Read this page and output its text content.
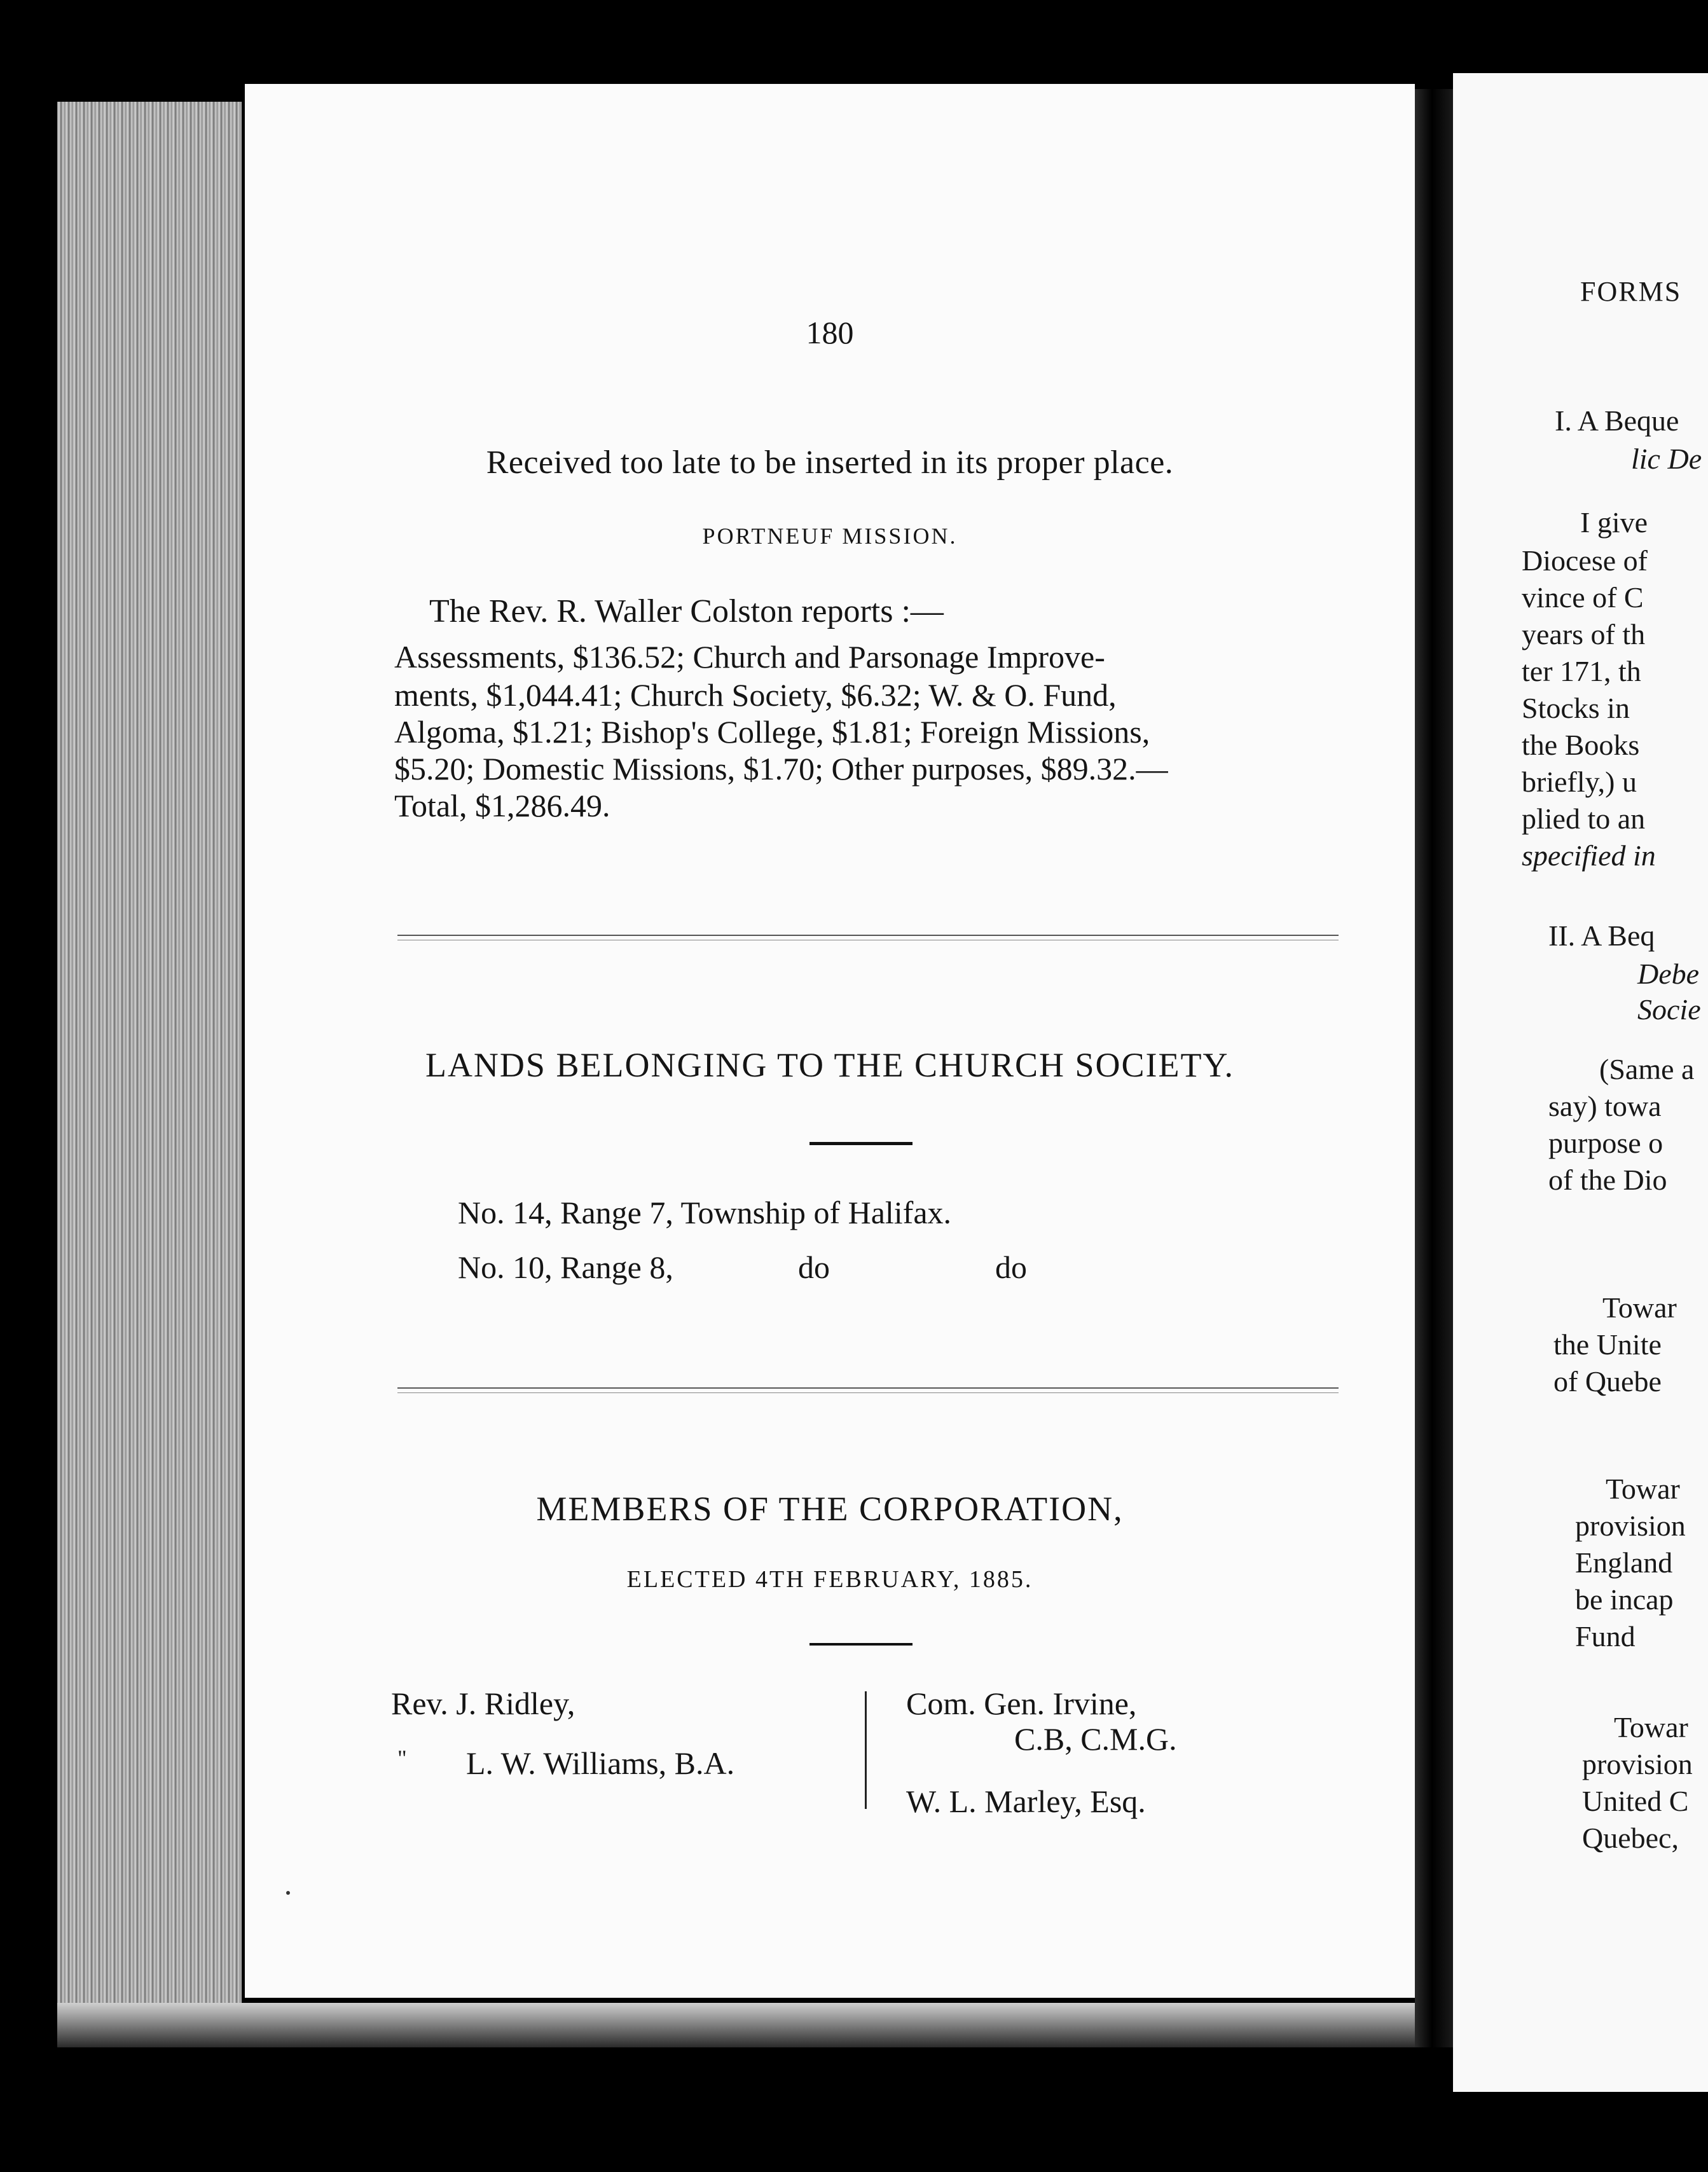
180
Received too late to be inserted in its proper place.
PORTNEUF MISSION.
The Rev. R. Waller Colston reports :—
Assessments, $136.52; Church and Parsonage Improve-
ments, $1,044.41; Church Society, $6.32; W. & O. Fund,
Algoma, $1.21; Bishop's College, $1.81; Foreign Missions,
$5.20; Domestic Missions, $1.70; Other purposes, $89.32.—
Total, $1,286.49.
LANDS BELONGING TO THE CHURCH SOCIETY.
No. 14, Range 7, Township of Halifax.
No. 10, Range 8,	do	do
MEMBERS OF THE CORPORATION,
ELECTED 4TH FEBRUARY, 1885.
Rev. J. Ridley,
" L. W. Williams, B.A.
Com. Gen. Irvine,
C.B, C.M.G.
W. L. Marley, Esq.
FORMS
I. A Beque
lic De
I give
Diocese of
vince of C
years of th
ter 171, th
Stocks in
the Books
briefly,) u
plied to an
specified in
II. A Beq
Debe
Socie
(Same a
say) towa
purpose o
of the Dio
Towar
the Unite
of Quebe
Towar
provision
England
be incap
Fund
Towar
provision
United C
Quebec,
